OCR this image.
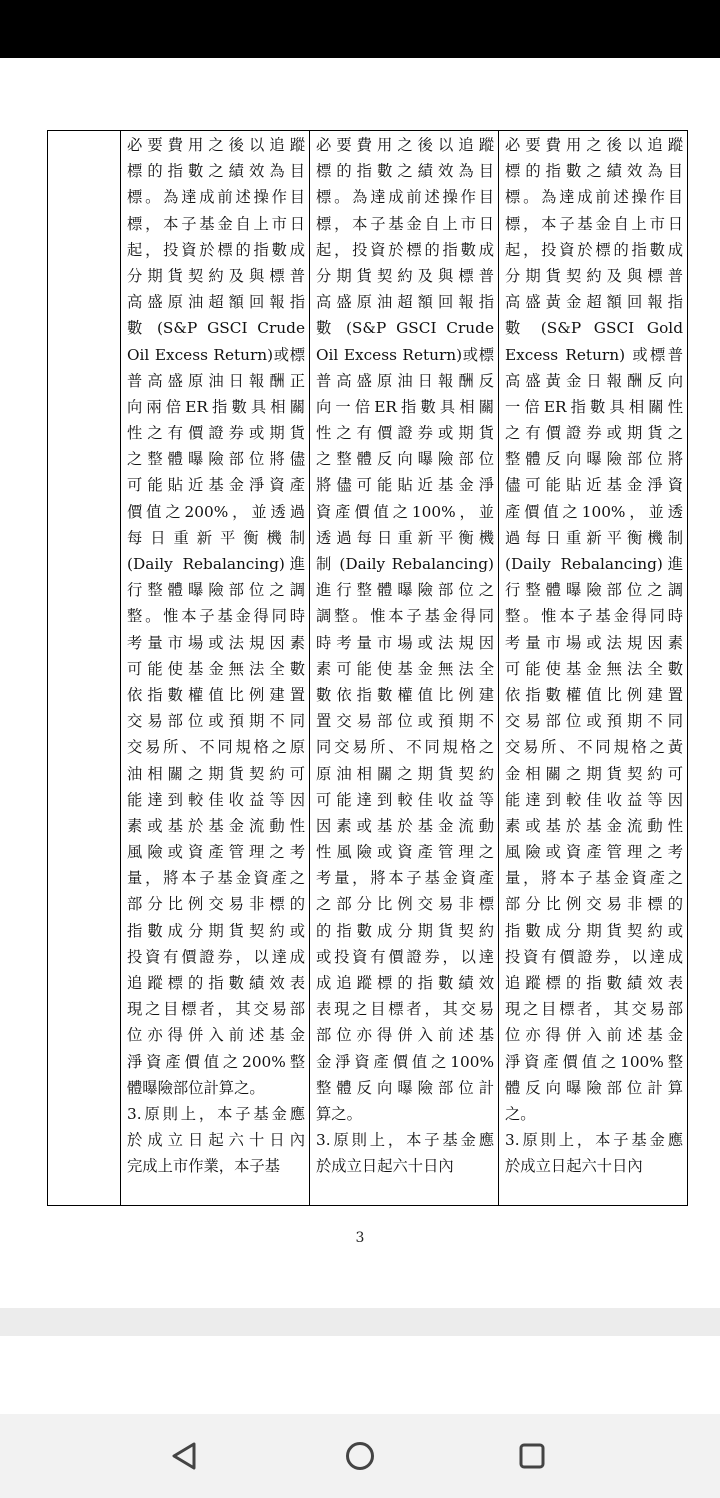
必要費用之後以追蹤
標的指數之績效為目
標。為達成前述操作目
標，本子基金自上市日
起，投資於標的指數成
分期貨契約及與標普
高盛原油超額回報指
數 (S&P GSCI Crude
Oil Excess Return)或標
普高盛原油日報酬正
向兩倍ER指數具相關
性之有價證券或期貨
之整體曝險部位將儘
可能貼近基金淨資產
價值之200%，並透過
每日重新平衡機制
(Daily Rebalancing)進
行整體曝險部位之調
整。惟本子基金得同時
考量市場或法規因素
可能使基金無法全數
依指數權值比例建置
交易部位或預期不同
交易所、不同規格之原
油相關之期貨契約可
能達到較佳收益等因
素或基於基金流動性
風險或資產管理之考
量，將本子基金資產之
部分比例交易非標的
指數成分期貨契約或
投資有價證券，以達成
追蹤標的指數績效表
現之目標者，其交易部
位亦得併入前述基金
淨資產價值之200%整
體曝險部位計算之。
3.原則上，本子基金應
於成立日起六十日內
完成上市作業，本子基
必要費用之後以追蹤
標的指數之績效為目
標。為達成前述操作目
標，本子基金自上市日
起，投資於標的指數成
分期貨契約及與標普
高盛原油超額回報指
數 (S&P GSCI Crude
Oil Excess Return)或標
普高盛原油日報酬反
向一倍ER指數具相關
性之有價證券或期貨
之整體反向曝險部位
將儘可能貼近基金淨
資產價值之100%，並
透過每日重新平衡機
制 (Daily Rebalancing)
進行整體曝險部位之
調整。惟本子基金得同
時考量市場或法規因
素可能使基金無法全
數依指數權值比例建
置交易部位或預期不
同交易所、不同規格之
原油相關之期貨契約
可能達到較佳收益等
因素或基於基金流動
性風險或資產管理之
考量，將本子基金資產
之部分比例交易非標
的指數成分期貨契約
或投資有價證券，以達
成追蹤標的指數績效
表現之目標者，其交易
部位亦得併入前述基
金淨資產價值之100%
整體反向曝險部位計
算之。
3.原則上，本子基金應
於成立日起六十日內
必要費用之後以追蹤
標的指數之績效為目
標。為達成前述操作目
標，本子基金自上市日
起，投資於標的指數成
分期貨契約及與標普
高盛黃金超額回報指
數 (S&P GSCI Gold
Excess Return) 或標普
高盛黃金日報酬反向
一倍ER指數具相關性
之有價證券或期貨之
整體反向曝險部位將
儘可能貼近基金淨資
產價值之100%，並透
過每日重新平衡機制
(Daily Rebalancing)進
行整體曝險部位之調
整。惟本子基金得同時
考量市場或法規因素
可能使基金無法全數
依指數權值比例建置
交易部位或預期不同
交易所、不同規格之黃
金相關之期貨契約可
能達到較佳收益等因
素或基於基金流動性
風險或資產管理之考
量，將本子基金資產之
部分比例交易非標的
指數成分期貨契約或
投資有價證券，以達成
追蹤標的指數績效表
現之目標者，其交易部
位亦得併入前述基金
淨資產價值之100%整
體反向曝險部位計算
之。
3.原則上，本子基金應
於成立日起六十日內
3
